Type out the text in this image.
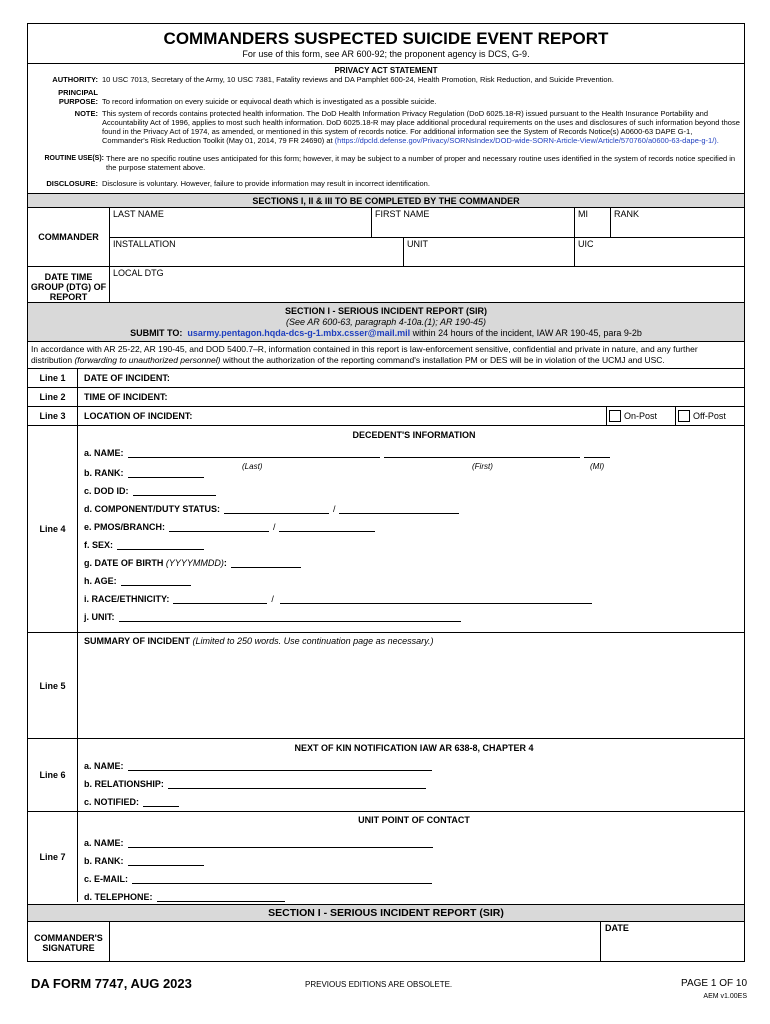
COMMANDERS SUSPECTED SUICIDE EVENT REPORT
For use of this form, see AR 600-92; the proponent agency is DCS, G-9.
PRIVACY ACT STATEMENT
AUTHORITY: 10 USC 7013, Secretary of the Army, 10 USC 7381, Fatality reviews and DA Pamphlet 600-24, Health Promotion, Risk Reduction, and Suicide Prevention.
PRINCIPAL PURPOSE: To record information on every suicide or equivocal death which is investigated as a possible suicide.
NOTE: This system of records contains protected health information. The DoD Health Information Privacy Regulation (DoD 6025.18-R) issued pursuant to the Health Insurance Portability and Accountability Act of 1996, applies to most such health information. DoD 6025.18-R may place additional procedural requirements on the uses and disclosures of such information beyond those found in the Privacy Act of 1974, as amended, or mentioned in this system of records notice. For additional information see the System of Records Notice(s) A0600-63 DAPE G-1, Commander's Risk Reduction Toolkit (May 01, 2014, 79 FR 24690) at (https://dpcld.defense.gov/Privacy/SORNsIndex/DOD-wide-SORN-Article-View/Article/570760/a0600-63-dape-g-1/).
ROUTINE USE(S): There are no specific routine uses anticipated for this form; however, it may be subject to a number of proper and necessary routine uses identified in the system of records notice specified in the purpose statement above.
DISCLOSURE: Disclosure is voluntary. However, failure to provide information may result in incorrect identification.
SECTIONS I, II & III TO BE COMPLETED BY THE COMMANDER
COMMANDER
LAST NAME	FIRST NAME	MI	RANK
INSTALLATION	UNIT	UIC
DATE TIME GROUP (DTG) OF REPORT
LOCAL DTG
SECTION I - SERIOUS INCIDENT REPORT (SIR)
(See AR 600-63, paragraph 4-10a.(1); AR 190-45)
SUBMIT TO: usarmy.pentagon.hqda-dcs-g-1.mbx.csser@mail.mil within 24 hours of the incident, IAW AR 190-45, para 9-2b
In accordance with AR 25-22, AR 190-45, and DOD 5400.7–R, information contained in this report is law-enforcement sensitive, confidential and private in nature, and any further distribution (forwarding to unauthorized personnel) without the authorization of the reporting command's installation PM or DES will be in violation of the UCMJ and USC.
Line 1	DATE OF INCIDENT:
Line 2	TIME OF INCIDENT:
Line 3	LOCATION OF INCIDENT:	On-Post	Off-Post
Line 4
DECEDENT'S INFORMATION
a. NAME:
(Last)	(First)	(MI)
b. RANK:
c. DOD ID:
d. COMPONENT/DUTY STATUS:	/
e. PMOS/BRANCH:	/
f. SEX:
g. DATE OF BIRTH
(YYYYMMDD) :
h. AGE:
i. RACE/ETHNICITY:	/
j. UNIT:
Line 5
SUMMARY OF INCIDENT (Limited to 250 words. Use continuation page as necessary.)
Line 6
NEXT OF KIN NOTIFICATION IAW AR 638-8, CHAPTER 4
a. NAME:
b. RELATIONSHIP:
c. NOTIFIED:
Line 7
UNIT POINT OF CONTACT
a. NAME:
b. RANK:
c. E-MAIL:
d. TELEPHONE:
SECTION I - SERIOUS INCIDENT REPORT (SIR)
COMMANDER'S SIGNATURE
DATE
DA FORM 7747, AUG 2023	PREVIOUS EDITIONS ARE OBSOLETE.	PAGE 1 OF 10
AEM v1.00ES
